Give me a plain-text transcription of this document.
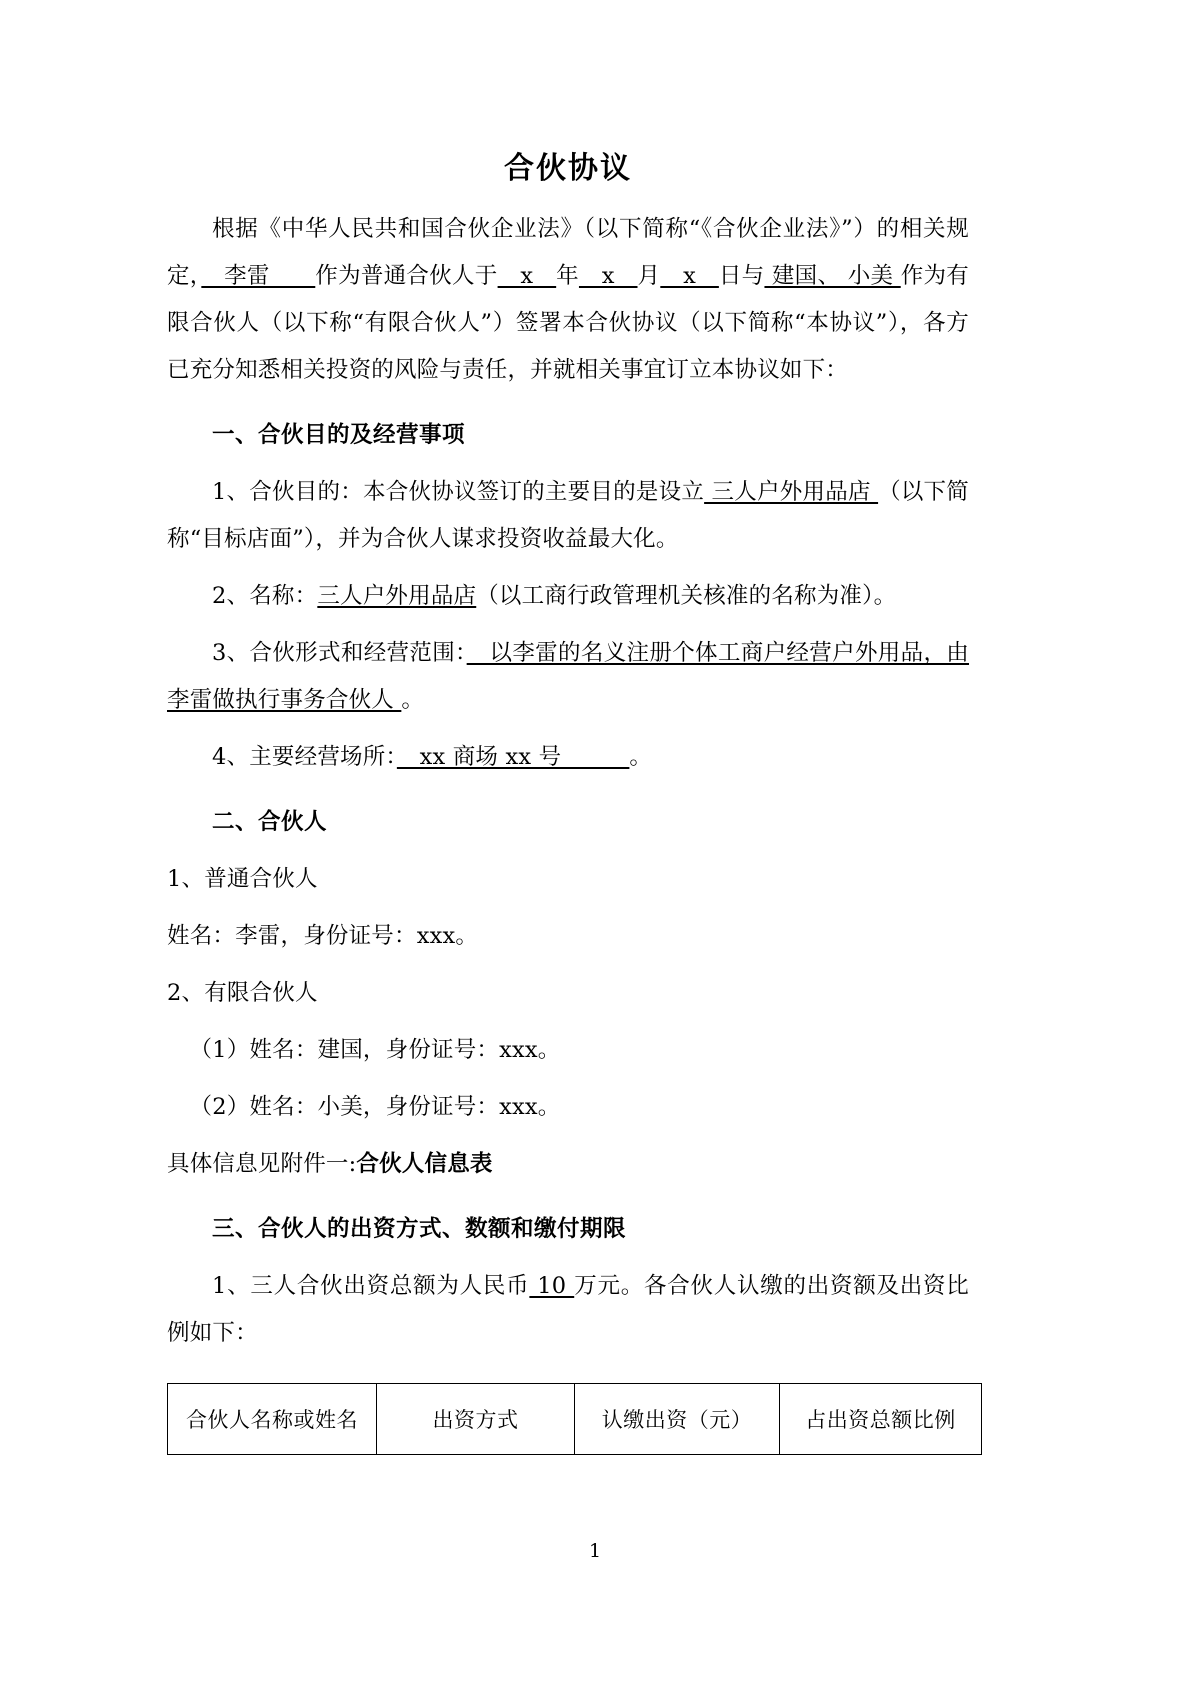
合伙协议

根据《中华人民共和国合伙企业法》（以下简称“《合伙企业法》”）的相关规定，　李雷　　作为普通合伙人于　x　年　x　月　x　日与 建国、 小美 作为有限合伙人（以下称“有限合伙人”）签署本合伙协议（以下简称“本协议”），各方已充分知悉相关投资的风险与责任，并就相关事宜订立本协议如下：

一、合伙目的及经营事项

1、合伙目的：本合伙协议签订的主要目的是设立 三人户外用品店 （以下简称“目标店面”），并为合伙人谋求投资收益最大化。

2、名称：三人户外用品店（以工商行政管理机关核准的名称为准）。

3、合伙形式和经营范围：　以李雷的名义注册个体工商户经营户外用品，由李雷做执行事务合伙人 。

4、主要经营场所：　xx 商场 xx 号　　　。

二、合伙人

1、普通合伙人

姓名：李雷，身份证号：xxx。

2、有限合伙人

（1）姓名：建国，身份证号：xxx。

（2）姓名：小美，身份证号：xxx。

具体信息见附件一:合伙人信息表

三、合伙人的出资方式、数额和缴付期限

1、三人合伙出资总额为人民币 10 万元。各合伙人认缴的出资额及出资比例如下：

合伙人名称或姓名	出资方式	认缴出资（元）	占出资总额比例
1
